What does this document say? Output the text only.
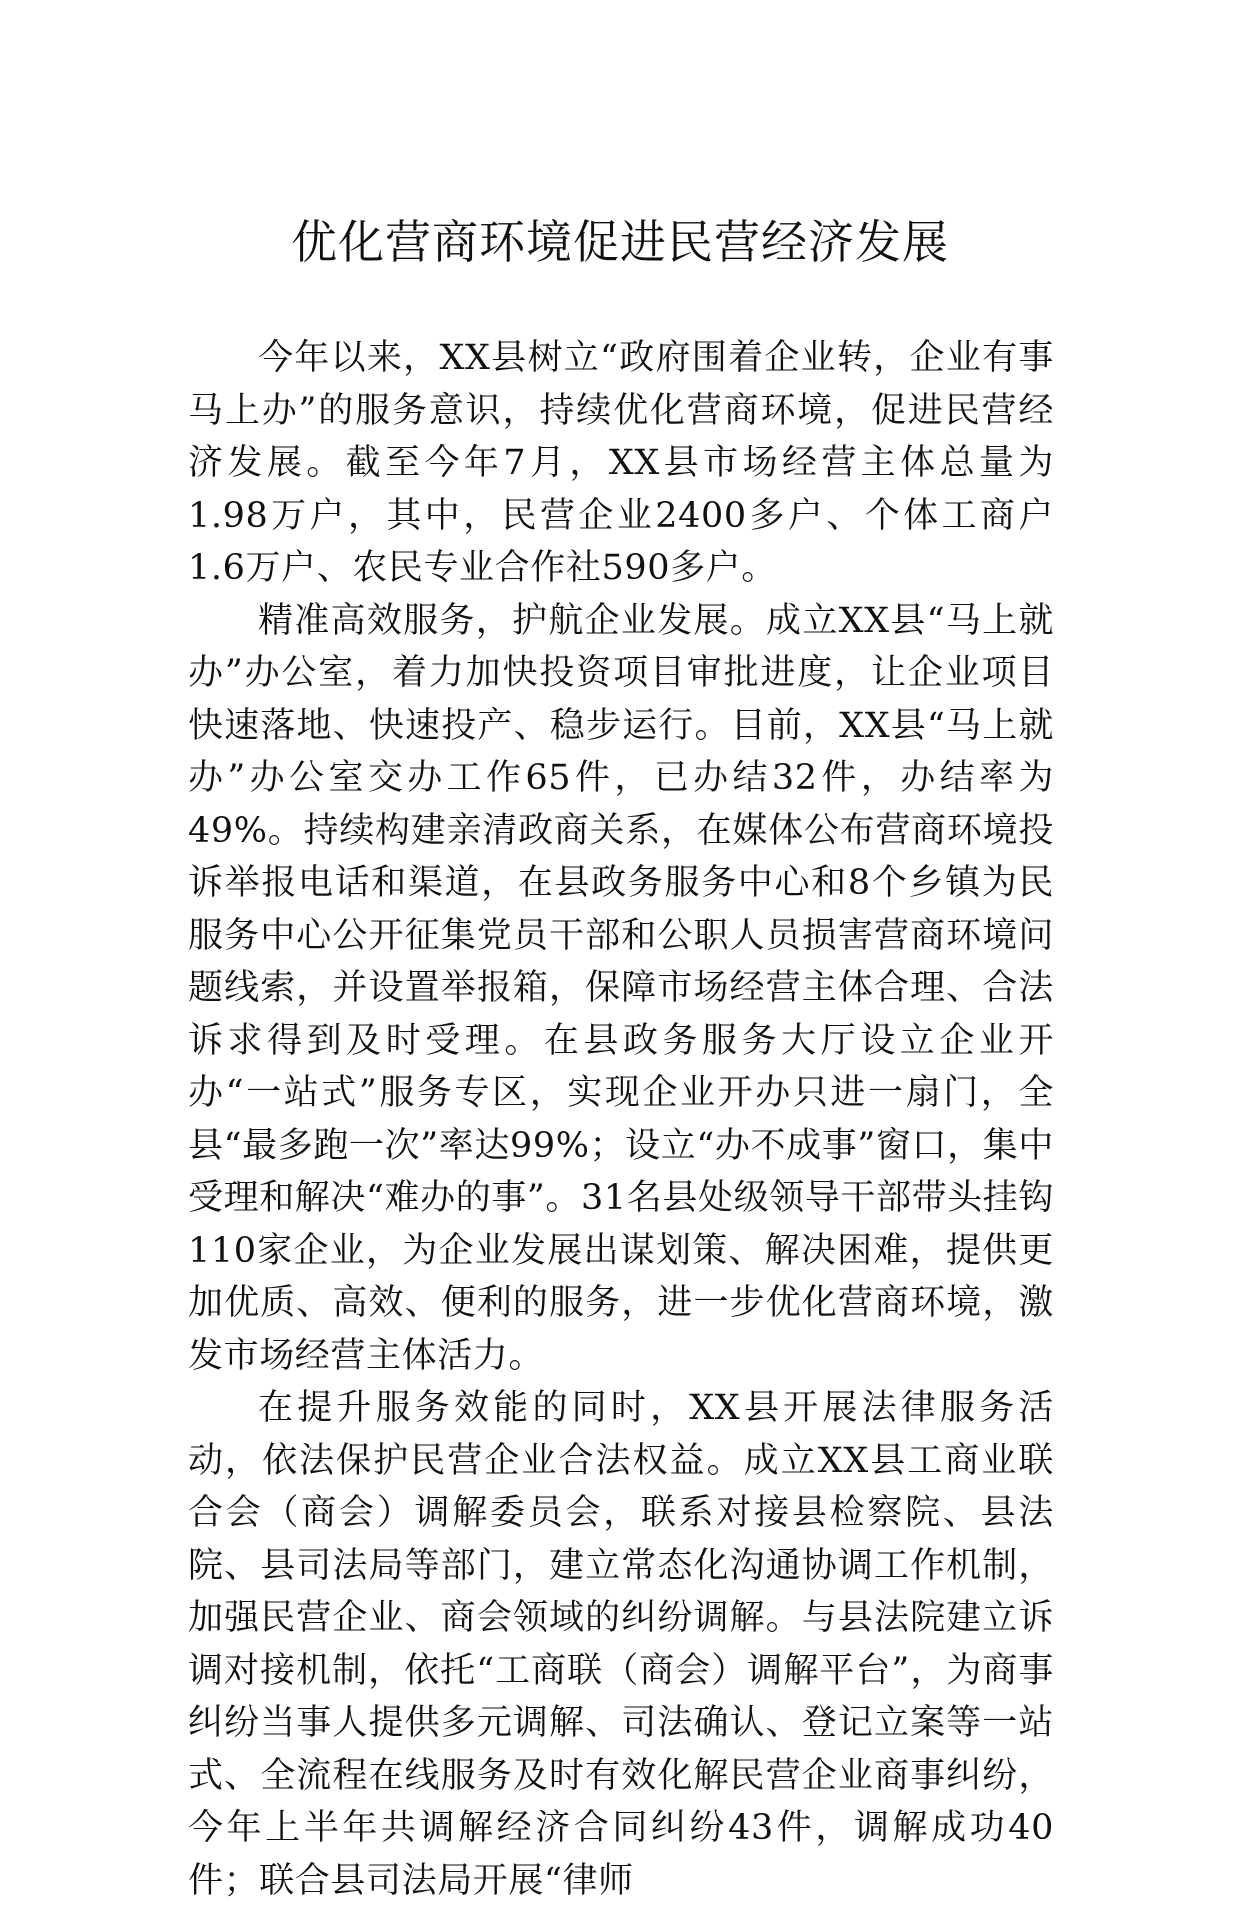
优化营商环境促进民营经济发展

今年以来，XX县树立“政府围着企业转，企业有事马上办”的服务意识，持续优化营商环境，促进民营经济发展。截至今年7月，XX县市场经营主体总量为1.98万户，其中，民营企业2400多户、个体工商户1.6万户、农民专业合作社590多户。

精准高效服务，护航企业发展。成立XX县“马上就办”办公室，着力加快投资项目审批进度，让企业项目快速落地、快速投产、稳步运行。目前，XX县“马上就办”办公室交办工作65件，已办结32件，办结率为49%。持续构建亲清政商关系，在媒体公布营商环境投诉举报电话和渠道，在县政务服务中心和8个乡镇为民服务中心公开征集党员干部和公职人员损害营商环境问题线索，并设置举报箱，保障市场经营主体合理、合法诉求得到及时受理。在县政务服务大厅设立企业开办“一站式”服务专区，实现企业开办只进一扇门，全县“最多跑一次”率达99%；设立“办不成事”窗口，集中受理和解决“难办的事”。31名县处级领导干部带头挂钩110家企业，为企业发展出谋划策、解决困难，提供更加优质、高效、便利的服务，进一步优化营商环境，激发市场经营主体活力。

在提升服务效能的同时，XX县开展法律服务活动，依法保护民营企业合法权益。成立XX县工商业联合会（商会）调解委员会，联系对接县检察院、县法院、县司法局等部门，建立常态化沟通协调工作机制，加强民营企业、商会领域的纠纷调解。与县法院建立诉调对接机制，依托“工商联（商会）调解平台”，为商事纠纷当事人提供多元调解、司法确认、登记立案等一站式、全流程在线服务及时有效化解民营企业商事纠纷，今年上半年共调解经济合同纠纷43件，调解成功40件；联合县司法局开展“律师
